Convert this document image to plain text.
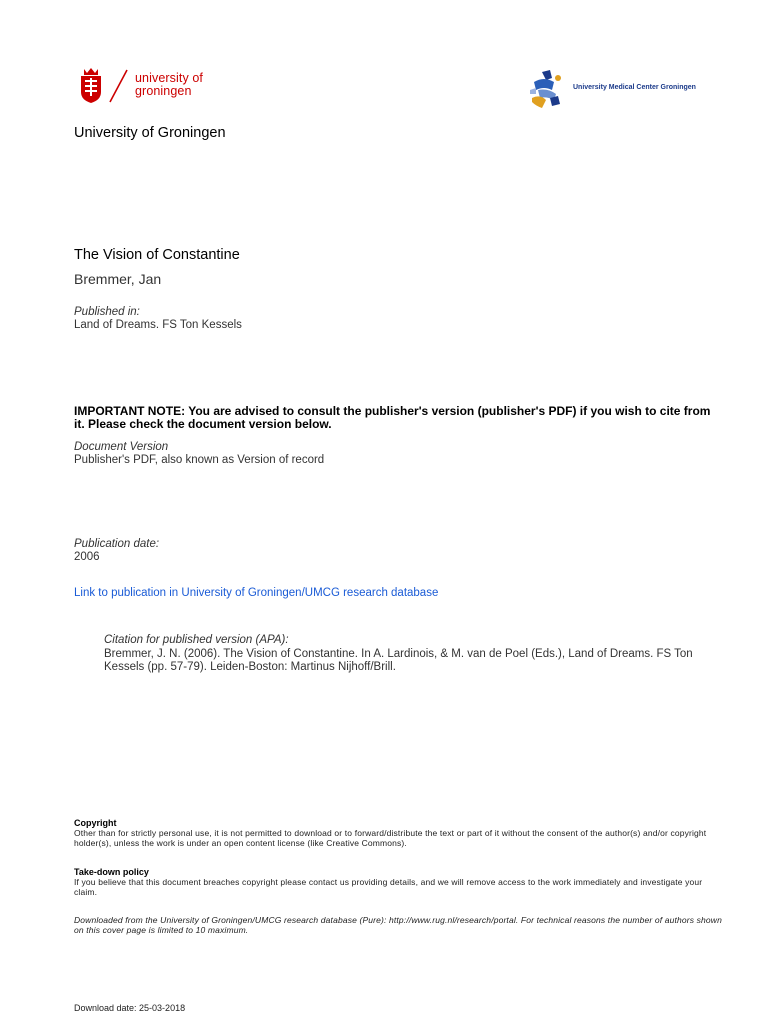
university of
groningen	University Medical Center Groningen
University of Groningen
The Vision of Constantine
Bremmer, Jan
Published in:
Land of Dreams. FS Ton Kessels
IMPORTANT NOTE: You are advised to consult the publisher's version (publisher's PDF) if you wish to cite from it. Please check the document version below.
Document Version
Publisher's PDF, also known as Version of record
Publication date:
2006
Link to publication in University of Groningen/UMCG research database
Citation for published version (APA):
Bremmer, J. N. (2006). The Vision of Constantine. In A. Lardinois, & M. van de Poel (Eds.), Land of Dreams. FS Ton Kessels (pp. 57-79). Leiden-Boston: Martinus Nijhoff/Brill.
Copyright
Other than for strictly personal use, it is not permitted to download or to forward/distribute the text or part of it without the consent of the author(s) and/or copyright holder(s), unless the work is under an open content license (like Creative Commons).
Take-down policy
If you believe that this document breaches copyright please contact us providing details, and we will remove access to the work immediately and investigate your claim.
Downloaded from the University of Groningen/UMCG research database (Pure): http://www.rug.nl/research/portal. For technical reasons the number of authors shown on this cover page is limited to 10 maximum.
Download date: 25-03-2018
